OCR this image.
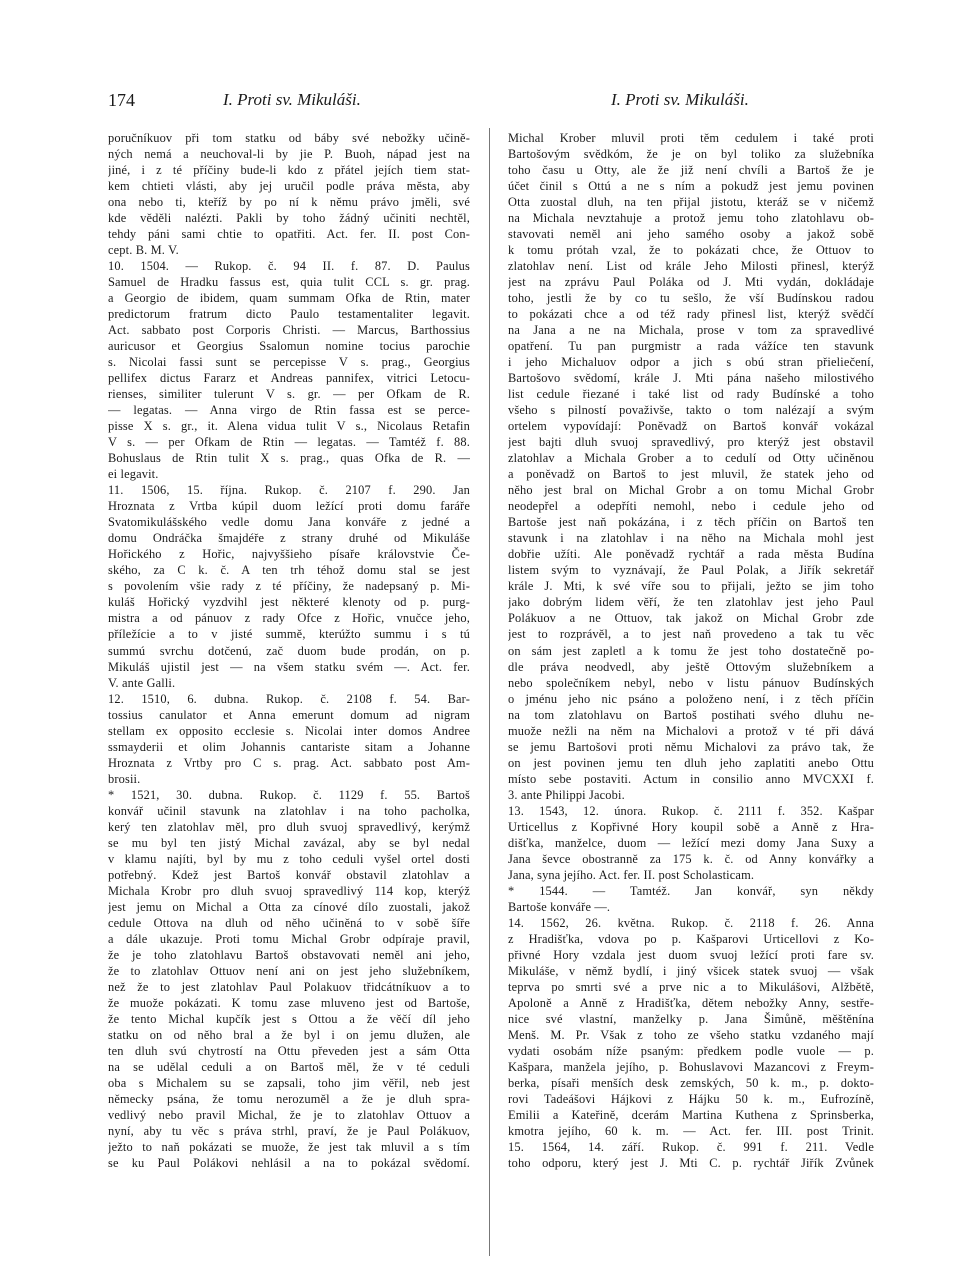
174	I. Proti sv. Mikuláši.	I. Proti sv. Mikuláši.
poručníkuov při tom statku od báby své nebožky učině-
ných nemá a neuchoval-li by jie P. Buoh, nápad jest na
jiné, i z té příčiny bude-li kdo z přátel jejích tiem stat-
kem chtieti vlásti, aby jej uručil podle práva města, aby
ona nebo ti, kteříž by po ní k němu právo jměli, své
kde věděli nalézti. Pakli by toho žádný učiniti nechtěl,
tehdy páni sami chtie to opatřiti. Act. fer. II. post Con-
cept. B. M. V.
10. 1504. — Rukop. č. 94 II. f. 87. D. Paulus
Samuel de Hradku fassus est, quia tulit CCL s. gr. prag.
a Georgio de ibidem, quam summam Ofka de Rtin, mater
predictorum fratrum dicto Paulo testamentaliter legavit.
Act. sabbato post Corporis Christi. — Marcus, Barthossius
auricusor et Georgius Ssalomun nomine tocius parochie
s. Nicolai fassi sunt se percepisse V s. prag., Georgius
pellifex dictus Fararz et Andreas pannifex, vitrici Letocu-
rienses, similiter tulerunt V s. gr. — per Ofkam de R.
— legatas. — Anna virgo de Rtin fassa est se perce-
pisse X s. gr., it. Alena vidua tulit V s., Nicolaus Retafin
V s. — per Ofkam de Rtin — legatas. — Tamtéž f. 88.
Bohuslaus de Rtin tulit X s. prag., quas Ofka de R. —
ei legavit.
11. 1506, 15. října. Rukop. č. 2107 f. 290. Jan
Hroznata z Vrtba kúpil duom ležící proti domu faráře
Svatomikulášského vedle domu Jana konváře z jedné a
domu Ondráčka šmajdéře z strany druhé od Mikuláše
Hořického z Hořic, najvyššieho písaře královstvie Če-
ského, za C k. č. A ten trh téhož domu stal se jest
s povolením všie rady z té příčiny, že nadepsaný p. Mi-
kuláš Hořický vyzdvihl jest některé klenoty od p. purg-
mistra a od pánuov z rady Ofce z Hořic, vnučce jeho,
příležície a to v jisté summě, kterúžto summu i s tú
summú svrchu dotčenú, zač duom bude prodán, on p.
Mikuláš ujistil jest — na všem statku svém —. Act. fer.
V. ante Galli.
12. 1510, 6. dubna. Rukop. č. 2108 f. 54. Bar-
tossius canulator et Anna emerunt domum ad nigram
stellam ex opposito ecclesie s. Nicolai inter domos Andree
ssmayderii et olim Johannis cantariste sitam a Johanne
Hroznata z Vrtby pro C s. prag. Act. sabbato post Am-
brosii.
* 1521, 30. dubna. Rukop. č. 1129 f. 55. Bartoš
konvář učinil stavunk na zlatohlav i na toho pacholka,
kerý ten zlatohlav měl, pro dluh svuoj spravedlivý, kerýmž
se mu byl ten jistý Michal zavázal, aby se byl nedal
v klamu najíti, byl by mu z toho ceduli vyšel ortel dosti
potřebný. Kdež jest Bartoš konvář obstavil zlatohlav a
Michala Krobr pro dluh svuoj spravedlivý 114 kop, kterýž
jest jemu on Michal a Otta za cínové dílo zuostali, jakož
cedule Ottova na dluh od něho učiněná to v sobě šíře
a dále ukazuje. Proti tomu Michal Grobr odpíraje pravil,
že je toho zlatohlavu Bartoš obstavovati neměl ani jeho,
že to zlatohlav Ottuov není ani on jest jeho služebníkem,
než že to jest zlatohlav Paul Polakuov třidcátníkuov a to
že muože pokázati. K tomu zase mluveno jest od Bartoše,
že tento Michal kupčík jest s Ottou a že věčí díl jeho
statku on od něho bral a že byl i on jemu dlužen, ale
ten dluh svú chytrostí na Ottu převeden jest a sám Otta
na se udělal ceduli a on Bartoš měl, že v té ceduli
oba s Michalem su se zapsali, toho jim věřil, neb jest
německy psána, že tomu nerozuměl a že je dluh spra-
vedlivý nebo pravil Michal, že je to zlatohlav Ottuov a
nyní, aby tu věc s práva strhl, praví, že je Paul Polákuov,
ježto to naň pokázati se muože, že jest tak mluvil a s tím
se ku Paul Polákovi nehlásil a na to pokázal svědomí.
Michal Krober mluvil proti těm cedulem i také proti
Bartošovým svědkóm, že je on byl toliko za služebníka
toho času u Otty, ale že již není chvíli a Bartoš že je
účet činil s Ottú a ne s ním a pokudž jest jemu povinen
Otta zuostal dluh, na ten přijal jistotu, kteráž se v ničemž
na Michala nevztahuje a protož jemu toho zlatohlavu ob-
stavovati neměl ani jeho samého osoby a jakož sobě
k tomu prótah vzal, že to pokázati chce, že Ottuov to
zlatohlav není. List od krále Jeho Milosti přinesl, kterýž
jest na zprávu Paul Poláka od J. Mti vydán, dokládaje
toho, jestli že by co tu sešlo, že vší Budínskou radou
to pokázati chce a od též rady přinesl list, kterýž svědčí
na Jana a ne na Michala, prose v tom za spravedlivé
opatření. Tu pan purgmistr a rada vážíce ten stavunk
i jeho Michaluov odpor a jich s obú stran přieliečení,
Bartošovo svědomí, krále J. Mti pána našeho milostivého
list cedule řiezané i také list od rady Budínské a toho
všeho s pilností považivše, takto o tom nalézají a svým
ortelem vypovídají: Poněvadž on Bartoš konvář vokázal
jest bajti dluh svuoj spravedlivý, pro kterýž jest obstavil
zlatohlav a Michala Grober a to cedulí od Otty učiněnou
a poněvadž on Bartoš to jest mluvil, že statek jeho od
něho jest bral on Michal Grobr a on tomu Michal Grobr
neodepřel a odepříti nemohl, nebo i cedule jeho od
Bartoše jest naň pokázána, i z těch příčin on Bartoš ten
stavunk i na zlatohlav i na něho na Michala mohl jest
dobřie užíti. Ale poněvadž rychtář a rada města Budína
listem svým to vyznávají, že Paul Polak, a Jiřík sekretář
krále J. Mti, k své víře sou to přijali, ježto se jim toho
jako dobrým lidem věří, že ten zlatohlav jest jeho Paul
Polákuov a ne Ottuov, tak jakož on Michal Grobr zde
jest to rozprávěl, a to jest naň provedeno a tak tu věc
on sám jest zapletl a k tomu že jest toho dostatečně po-
dle práva neodvedl, aby ještě Ottovým služebníkem a
nebo společníkem nebyl, nebo v listu pánuov Budínských
o jménu jeho nic psáno a položeno není, i z těch příčin
na tom zlatohlavu on Bartoš postihati svého dluhu ne-
muože nežli na něm na Michalovi a protož v té při dává
se jemu Bartošovi proti němu Michalovi za právo tak, že
on jest povinen jemu ten dluh jeho zaplatiti anebo Ottu
místo sebe postaviti. Actum in consilio anno MVCXXI f.
3. ante Philippi Jacobi.
13. 1543, 12. února. Rukop. č. 2111 f. 352. Kašpar
Urticellus z Kopřivné Hory koupil sobě a Anně z Hra-
dišťka, manželce, duom — ležící mezi domy Jana Suxy a
Jana ševce obostranně za 175 k. č. od Anny konvářky a
Jana, syna jejího. Act. fer. II. post Scholasticam.
* 1544. — Tamtéž. Jan konvář, syn někdy
Bartoše konváře —.
14. 1562, 26. května. Rukop. č. 2118 f. 26. Anna
z Hradišťka, vdova po p. Kašparovi Urticellovi z Ko-
přivné Hory vzdala jest duom svuoj ležící proti fare sv.
Mikuláše, v němž bydlí, i jiný všicek statek svuoj — však
teprva po smrti své a prve nic a to Mikulášovi, Alžbětě,
Apoloně a Anně z Hradišťka, dětem nebožky Anny, sestře-
nice své vlastní, manželky p. Jana Šimůně, měštěnína
Menš. M. Pr. Však z toho ze všeho statku vzdaného mají
vydati osobám níže psaným: předkem podle vuole — p.
Kašpara, manžela jejího, p. Bohuslavovi Mazancovi z Freym-
berka, písaři menších desk zemských, 50 k. m., p. dokto-
rovi Tadeášovi Hájkovi z Hájku 50 k. m., Eufrozíně,
Emilii a Kateřině, dcerám Martina Kuthena z Sprinsberka,
kmotra jejího, 60 k. m. — Act. fer. III. post Trinit.
15. 1564, 14. září. Rukop. č. 991 f. 211. Vedle
toho odporu, který jest J. Mti C. p. rychtář Jiřík Zvůnek
